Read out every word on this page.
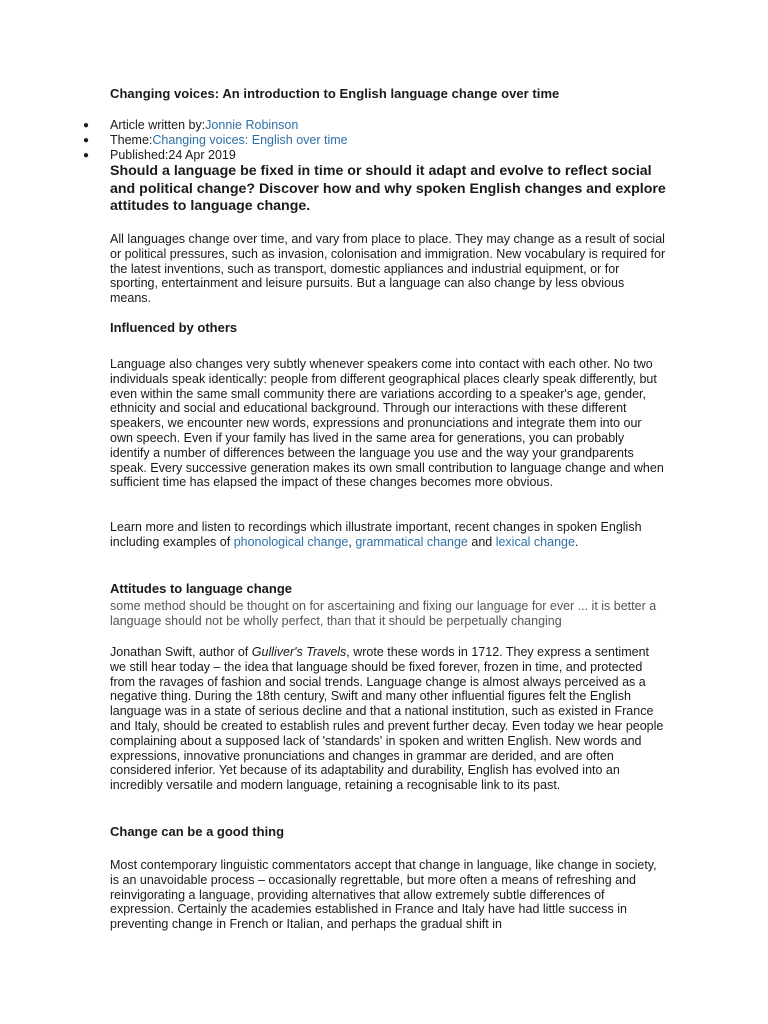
Changing voices: An introduction to English language change over time
● Article written by:Jonnie Robinson
● Theme:Changing voices: English over time
● Published:24 Apr 2019

Should a language be fixed in time or should it adapt and evolve to reflect social and political change? Discover how and why spoken English changes and explore attitudes to language change.

All languages change over time, and vary from place to place. They may change as a result of social or political pressures, such as invasion, colonisation and immigration. New vocabulary is required for the latest inventions, such as transport, domestic appliances and industrial equipment, or for sporting, entertainment and leisure pursuits. But a language can also change by less obvious means.

Influenced by others

Language also changes very subtly whenever speakers come into contact with each other. No two individuals speak identically: people from different geographical places clearly speak differently, but even within the same small community there are variations according to a speaker's age, gender, ethnicity and social and educational background. Through our interactions with these different speakers, we encounter new words, expressions and pronunciations and integrate them into our own speech. Even if your family has lived in the same area for generations, you can probably identify a number of differences between the language you use and the way your grandparents speak. Every successive generation makes its own small contribution to language change and when sufficient time has elapsed the impact of these changes becomes more obvious.

Learn more and listen to recordings which illustrate important, recent changes in spoken English including examples of phonological change, grammatical change and lexical change.

Attitudes to language change

some method should be thought on for ascertaining and fixing our language for ever ... it is better a language should not be wholly perfect, than that it should be perpetually changing

Jonathan Swift, author of Gulliver's Travels, wrote these words in 1712. They express a sentiment we still hear today – the idea that language should be fixed forever, frozen in time, and protected from the ravages of fashion and social trends. Language change is almost always perceived as a negative thing. During the 18th century, Swift and many other influential figures felt the English language was in a state of serious decline and that a national institution, such as existed in France and Italy, should be created to establish rules and prevent further decay. Even today we hear people complaining about a supposed lack of 'standards' in spoken and written English. New words and expressions, innovative pronunciations and changes in grammar are derided, and are often considered inferior. Yet because of its adaptability and durability, English has evolved into an incredibly versatile and modern language, retaining a recognisable link to its past.

Change can be a good thing

Most contemporary linguistic commentators accept that change in language, like change in society, is an unavoidable process – occasionally regrettable, but more often a means of refreshing and reinvigorating a language, providing alternatives that allow extremely subtle differences of expression. Certainly the academies established in France and Italy have had little success in preventing change in French or Italian, and perhaps the gradual shift in
